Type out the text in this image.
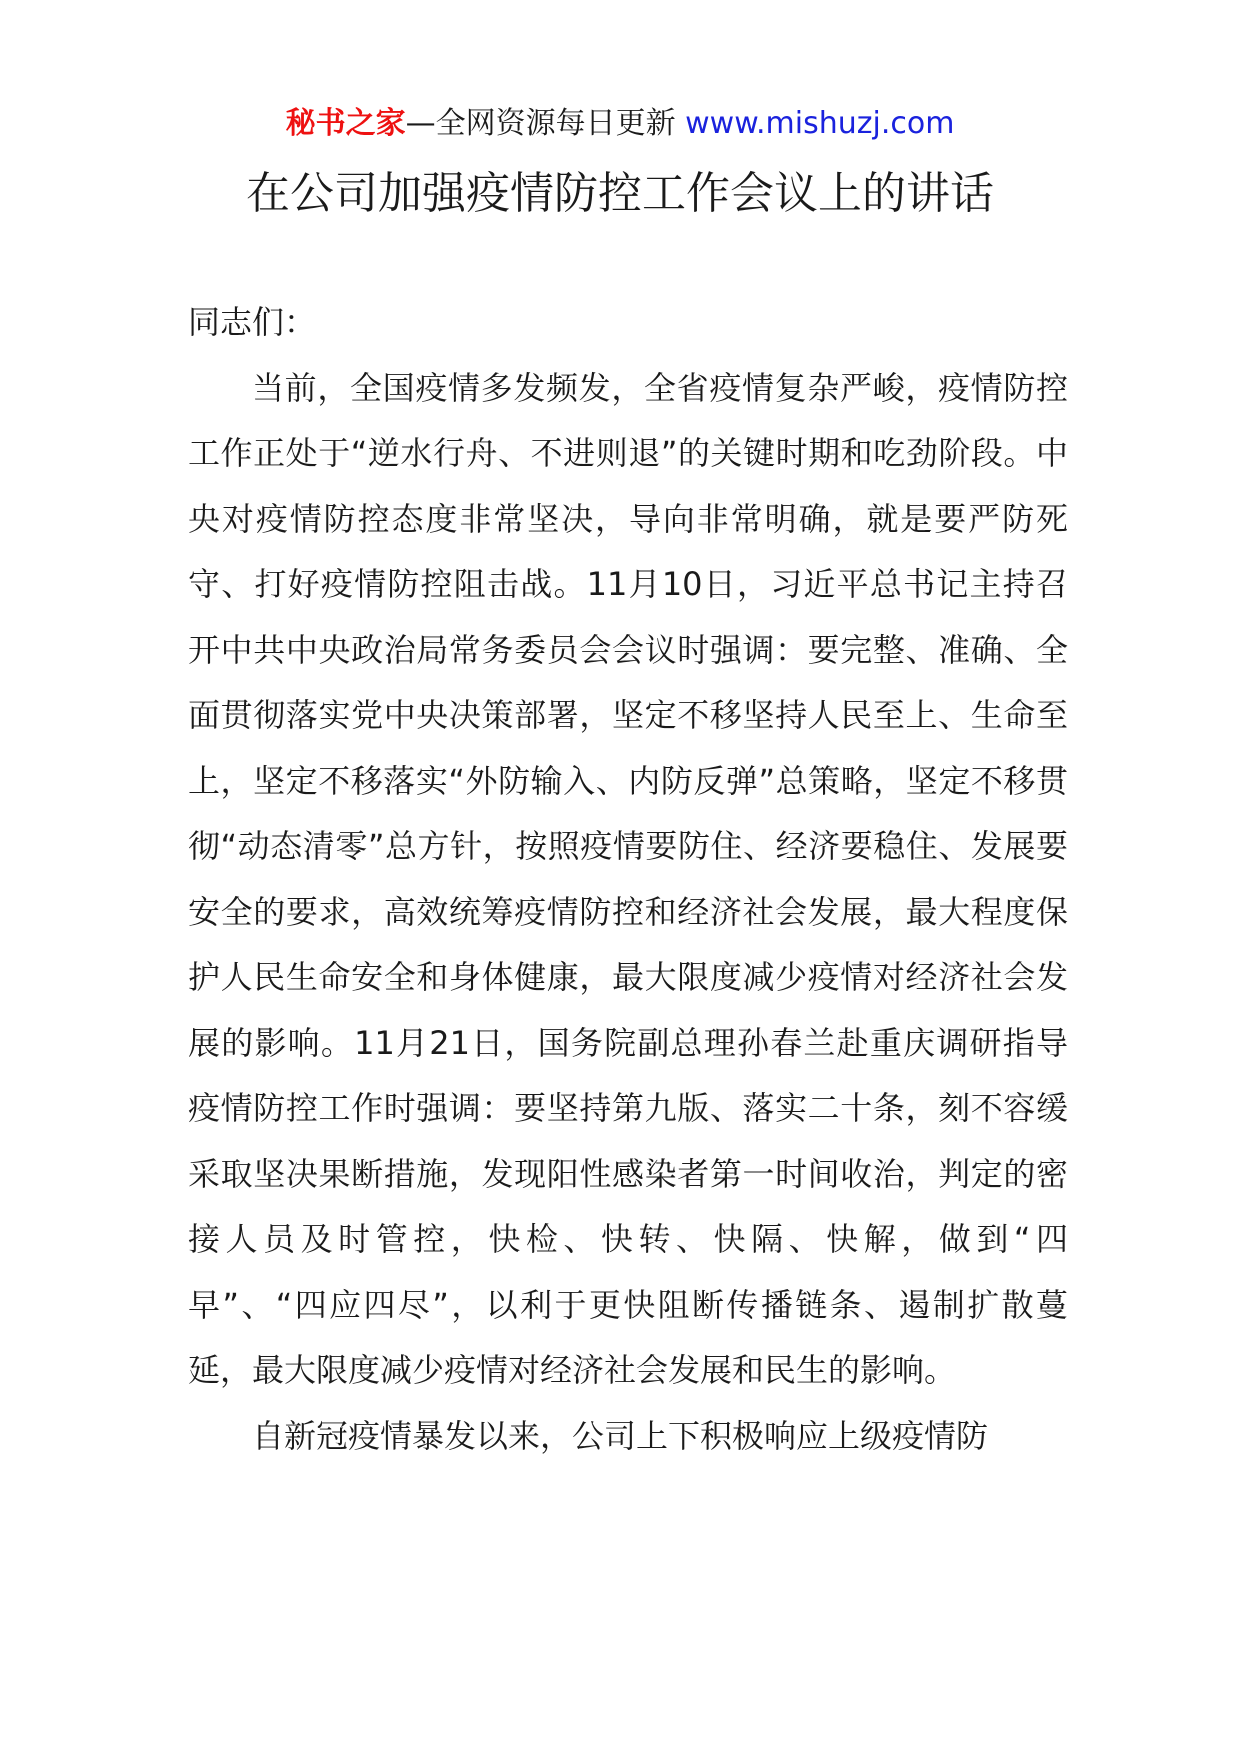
秘书之家—全网资源每日更新 www.mishuzj.com
在公司加强疫情防控工作会议上的讲话

同志们：

当前，全国疫情多发频发，全省疫情复杂严峻，疫情防控工作正处于“逆水行舟、不进则退”的关键时期和吃劲阶段。中央对疫情防控态度非常坚决，导向非常明确，就是要严防死守、打好疫情防控阻击战。11月10日，习近平总书记主持召开中共中央政治局常务委员会会议时强调：要完整、准确、全面贯彻落实党中央决策部署，坚定不移坚持人民至上、生命至上，坚定不移落实“外防输入、内防反弹”总策略，坚定不移贯彻“动态清零”总方针，按照疫情要防住、经济要稳住、发展要安全的要求，高效统筹疫情防控和经济社会发展，最大程度保护人民生命安全和身体健康，最大限度减少疫情对经济社会发展的影响。11月21日，国务院副总理孙春兰赴重庆调研指导疫情防控工作时强调：要坚持第九版、落实二十条，刻不容缓采取坚决果断措施，发现阳性感染者第一时间收治，判定的密接人员及时管控，快检、快转、快隔、快解，做到“四早”、“四应四尽”，以利于更快阻断传播链条、遏制扩散蔓延，最大限度减少疫情对经济社会发展和民生的影响。

自新冠疫情暴发以来，公司上下积极响应上级疫情防
